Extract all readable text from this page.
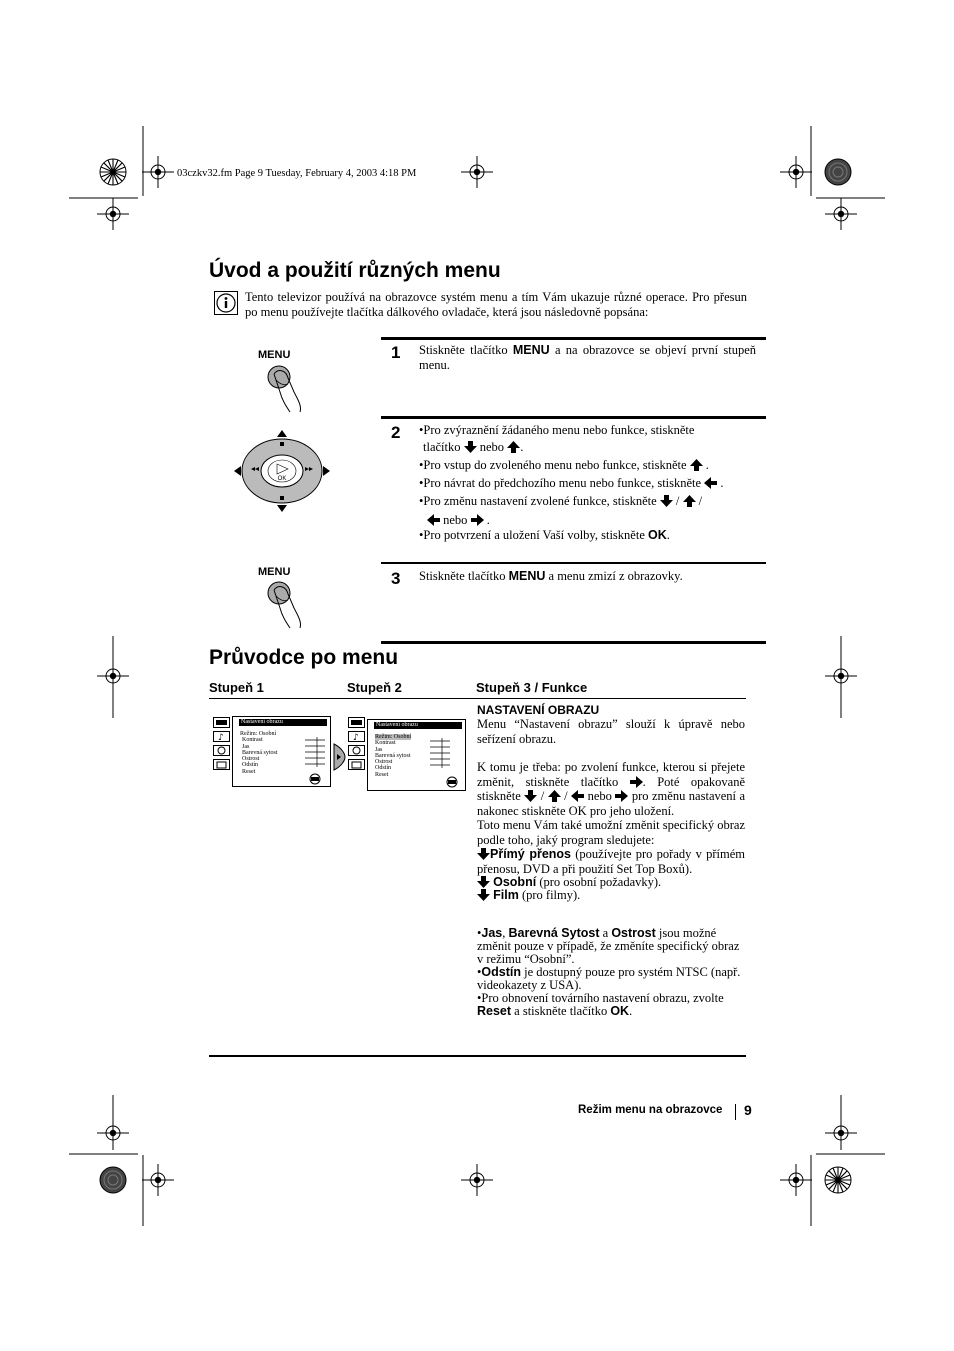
03czkv32.fm Page 9 Tuesday, February 4, 2003 4:18 PM
Úvod a použití různých menu
Tento televizor používá na obrazovce systém menu a tím Vám ukazuje různé operace. Pro přesun po menu používejte tlačítka dálkového ovladače, která jsou následovně popsána:
MENU	1 Stiskněte tlačítko MENU a na obrazovce se objeví první stupeň menu.
OK
2 •Pro zvýraznění žádaného menu nebo funkce, stiskněte
tlačítko nebo .
•Pro vstup do zvoleného menu nebo funkce, stiskněte .
•Pro návrat do předchozího menu nebo funkce, stiskněte .
•Pro změnu nastavení zvolené funkce, stiskněte / /
nebo .
•Pro potvrzení a uložení Vaší volby, stiskněte OK.
MENU	3 Stiskněte tlačítko MENU a menu zmizí z obrazovky.
Průvodce po menu
Stupeň 1	Stupeň 2	Stupeň 3 / Funkce
♪
Nastavení obrazu
Režim: Osobní
Kontrast
Jas
Barevná sytost
Ostrost
Odstín
Reset
♪
Nastavení obrazu
Režim: Osobní
Kontrast
Jas
Barevná sytost
Ostrost
Odstín
Reset
NASTAVENÍ OBRAZU
Menu “Nastavení obrazu” slouží k úpravě nebo seřízení obrazu.
K tomu je třeba: po zvolení funkce, kterou si přejete změnit, stiskněte tlačítko . Poté opakovaně stiskněte  /  /  nebo pro změnu nastavení a nakonec stiskněte OK pro jeho uložení.
Toto menu Vám také umožní změnit specifický obraz podle toho, jaký program sledujete:
Přímý přenos (používejte pro pořady v přímém přenosu, DVD a při použití Set Top Boxů).
Osobní (pro osobní požadavky).
Film (pro filmy).
•Jas, Barevná Sytost a Ostrost jsou možné změnit pouze v případě, že změníte specifický obraz v režimu “Osobní”.
•Odstín je dostupný pouze pro systém NTSC (např. videokazety z USA).
•Pro obnovení továrního nastavení obrazu, zvolte Reset a stiskněte tlačítko OK.
Režim menu na obrazovce 9
